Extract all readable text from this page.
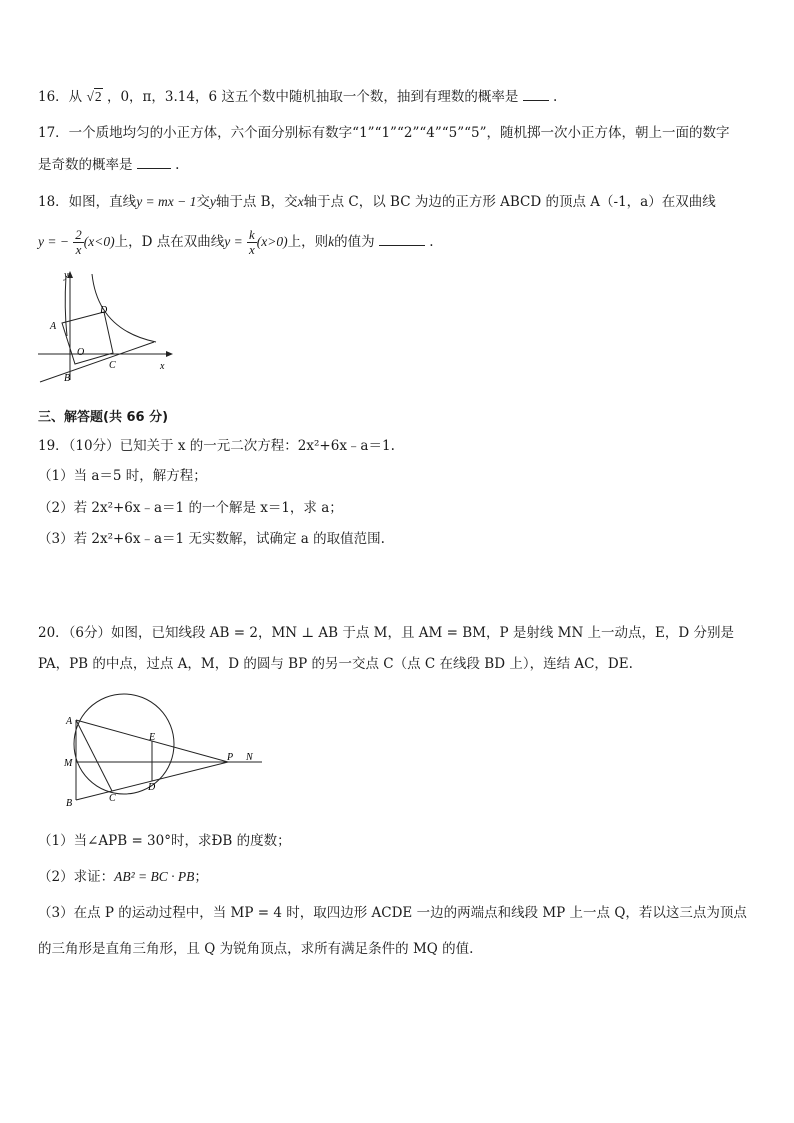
16．从 √2 ，0，π，3.14，6 这五个数中随机抽取一个数，抽到有理数的概率是	.
17．一个质地均匀的小正方体，六个面分别标有数字“1”“1”“2”“4”“5”“5”，随机掷一次小正方体，朝上一面的数字
是奇数的概率是	.
18．如图，直线y = mx − 1交y轴于点 B，交x轴于点 C，以 BC 为边的正方形 ABCD 的顶点 A（-1，a）在双曲线
y = − $\frac{2}{x} (x<0)$上，D 点在双曲线$y = \frac{k}{x} (x>0)$上，则k的值为	.
y
x
A
D
O
B
C
三、解答题(共 66 分)
19．（10分）已知关于 x 的一元二次方程：2x²+6x﹣a＝1.
（1）当 a＝5 时，解方程；
（2）若 2x²+6x﹣a＝1 的一个解是 x＝1，求 a；
（3）若 2x²+6x﹣a＝1 无实数解，试确定 a 的取值范围.
20．（6分）如图，已知线段 AB = 2，MN ⊥ AB 于点 M，且 AM = BM，P 是射线 MN 上一动点，E，D 分别是
PA，PB 的中点，过点 A，M，D 的圆与 BP 的另一交点 C（点 C 在线段 BD 上），连结 AC，DE.
A
M
B	C
D
E
P N
（1）当∠APB = 30°时，求ÐB 的度数；
（2）求证：AB² = BC · PB；
（3）在点 P 的运动过程中，当 MP = 4 时，取四边形 ACDE 一边的两端点和线段 MP 上一点 Q，若以这三点为顶点
的三角形是直角三角形，且 Q 为锐角顶点，求所有满足条件的 MQ 的值.
